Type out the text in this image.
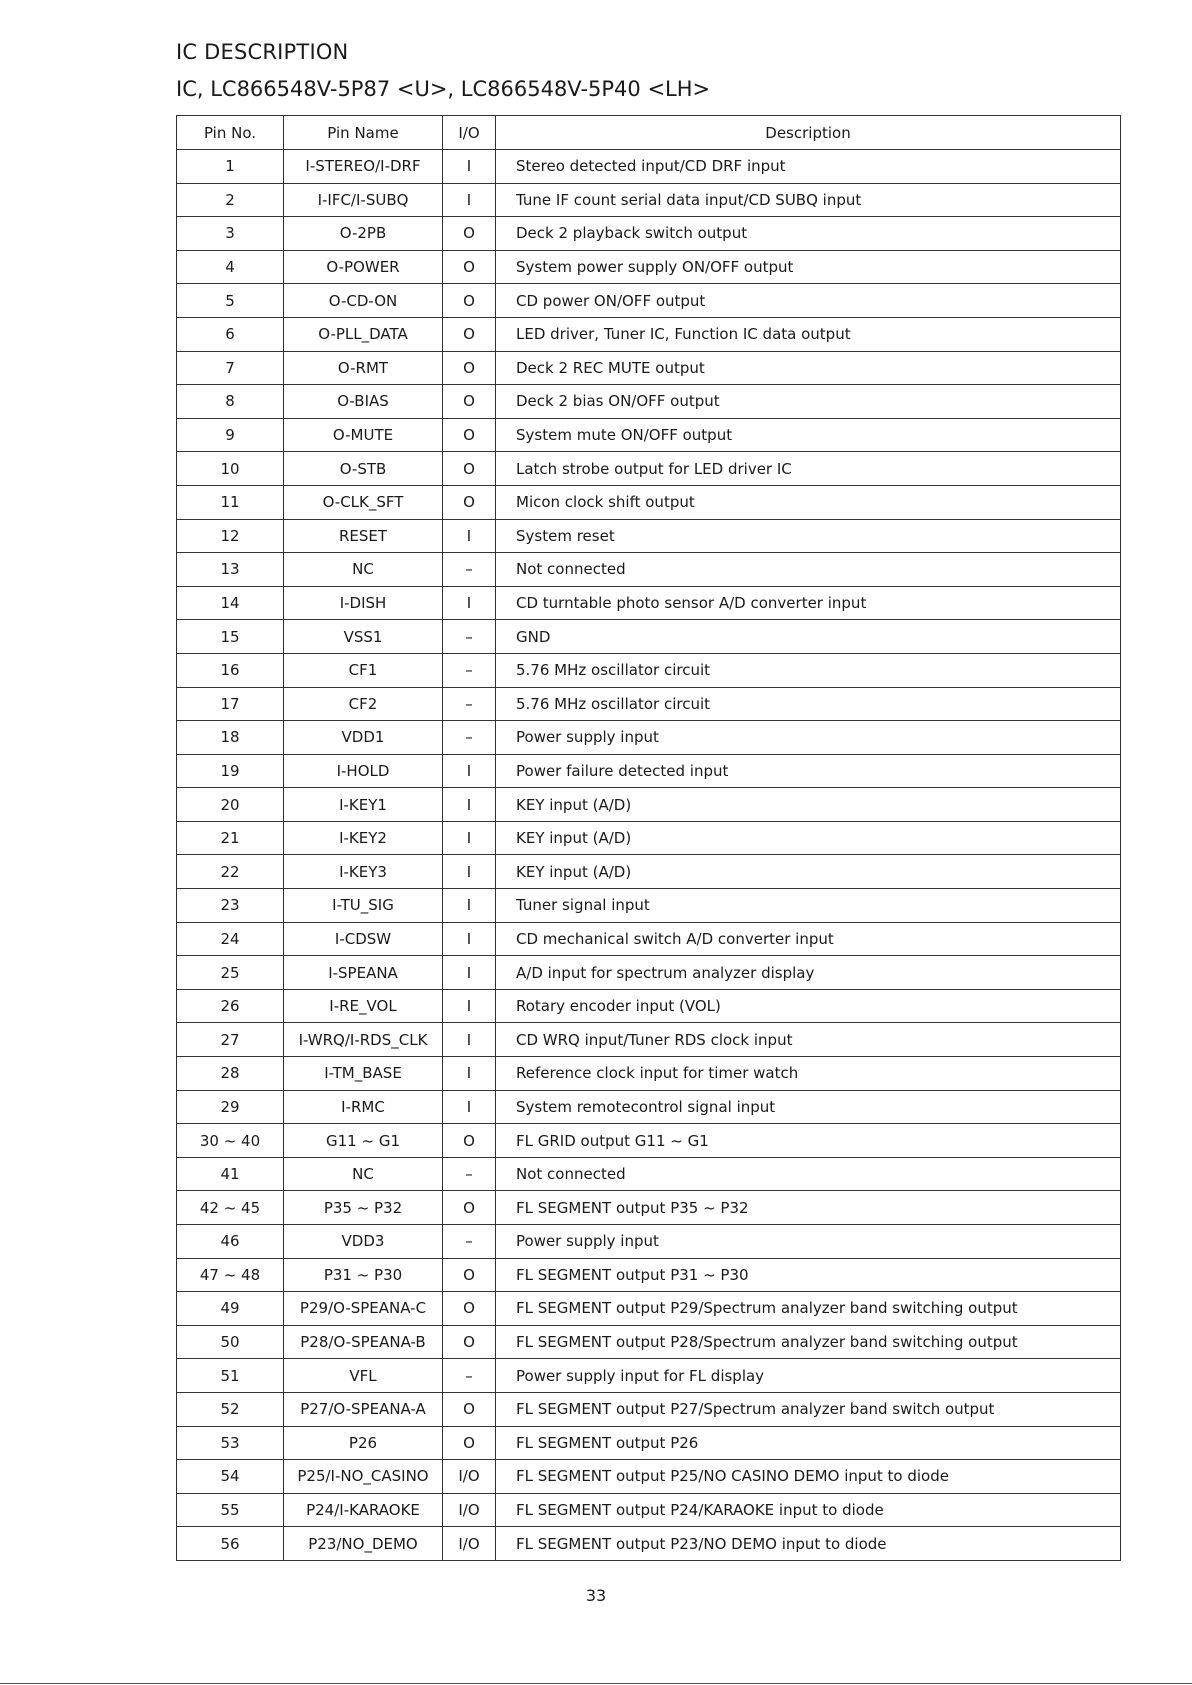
IC DESCRIPTION
IC, LC866548V-5P87 <U>, LC866548V-5P40 <LH>
Pin No.	Pin Name	I/O	Description
1	I-STEREO/I-DRF	I	Stereo detected input/CD DRF input
2	I-IFC/I-SUBQ	I	Tune IF count serial data input/CD SUBQ input
3	O-2PB	O	Deck 2 playback switch output
4	O-POWER	O	System power supply ON/OFF output
5	O-CD-ON	O	CD power ON/OFF output
6	O-PLL_DATA	O	LED driver, Tuner IC, Function IC data output
7	O-RMT	O	Deck 2 REC MUTE output
8	O-BIAS	O	Deck 2 bias ON/OFF output
9	O-MUTE	O	System mute ON/OFF output
10	O-STB	O	Latch strobe output for LED driver IC
11	O-CLK_SFT	O	Micon clock shift output
12	RESET	I	System reset
13	NC	–	Not connected
14	I-DISH	I	CD turntable photo sensor A/D converter input
15	VSS1	–	GND
16	CF1	–	5.76 MHz oscillator circuit
17	CF2	–	5.76 MHz oscillator circuit
18	VDD1	–	Power supply input
19	I-HOLD	I	Power failure detected input
20	I-KEY1	I	KEY input (A/D)
21	I-KEY2	I	KEY input (A/D)
22	I-KEY3	I	KEY input (A/D)
23	I-TU_SIG	I	Tuner signal input
24	I-CDSW	I	CD mechanical switch A/D converter input
25	I-SPEANA	I	A/D input for spectrum analyzer display
26	I-RE_VOL	I	Rotary encoder input (VOL)
27	I-WRQ/I-RDS_CLK	I	CD WRQ input/Tuner RDS clock input
28	I-TM_BASE	I	Reference clock input for timer watch
29	I-RMC	I	System remotecontrol signal input
30 ~ 40	G11 ~ G1	O	FL GRID output G11 ~ G1
41	NC	–	Not connected
42 ~ 45	P35 ~ P32	O	FL SEGMENT output P35 ~ P32
46	VDD3	–	Power supply input
47 ~ 48	P31 ~ P30	O	FL SEGMENT output P31 ~ P30
49	P29/O-SPEANA-C	O	FL SEGMENT output P29/Spectrum analyzer band switching output
50	P28/O-SPEANA-B	O	FL SEGMENT output P28/Spectrum analyzer band switching output
51	VFL	–	Power supply input for FL display
52	P27/O-SPEANA-A	O	FL SEGMENT output P27/Spectrum analyzer band switch output
53	P26	O	FL SEGMENT output P26
54	P25/I-NO_CASINO	I/O	FL SEGMENT output P25/NO CASINO DEMO input to diode
55	P24/I-KARAOKE	I/O	FL SEGMENT output P24/KARAOKE input to diode
56	P23/NO_DEMO	I/O	FL SEGMENT output P23/NO DEMO input to diode
33
